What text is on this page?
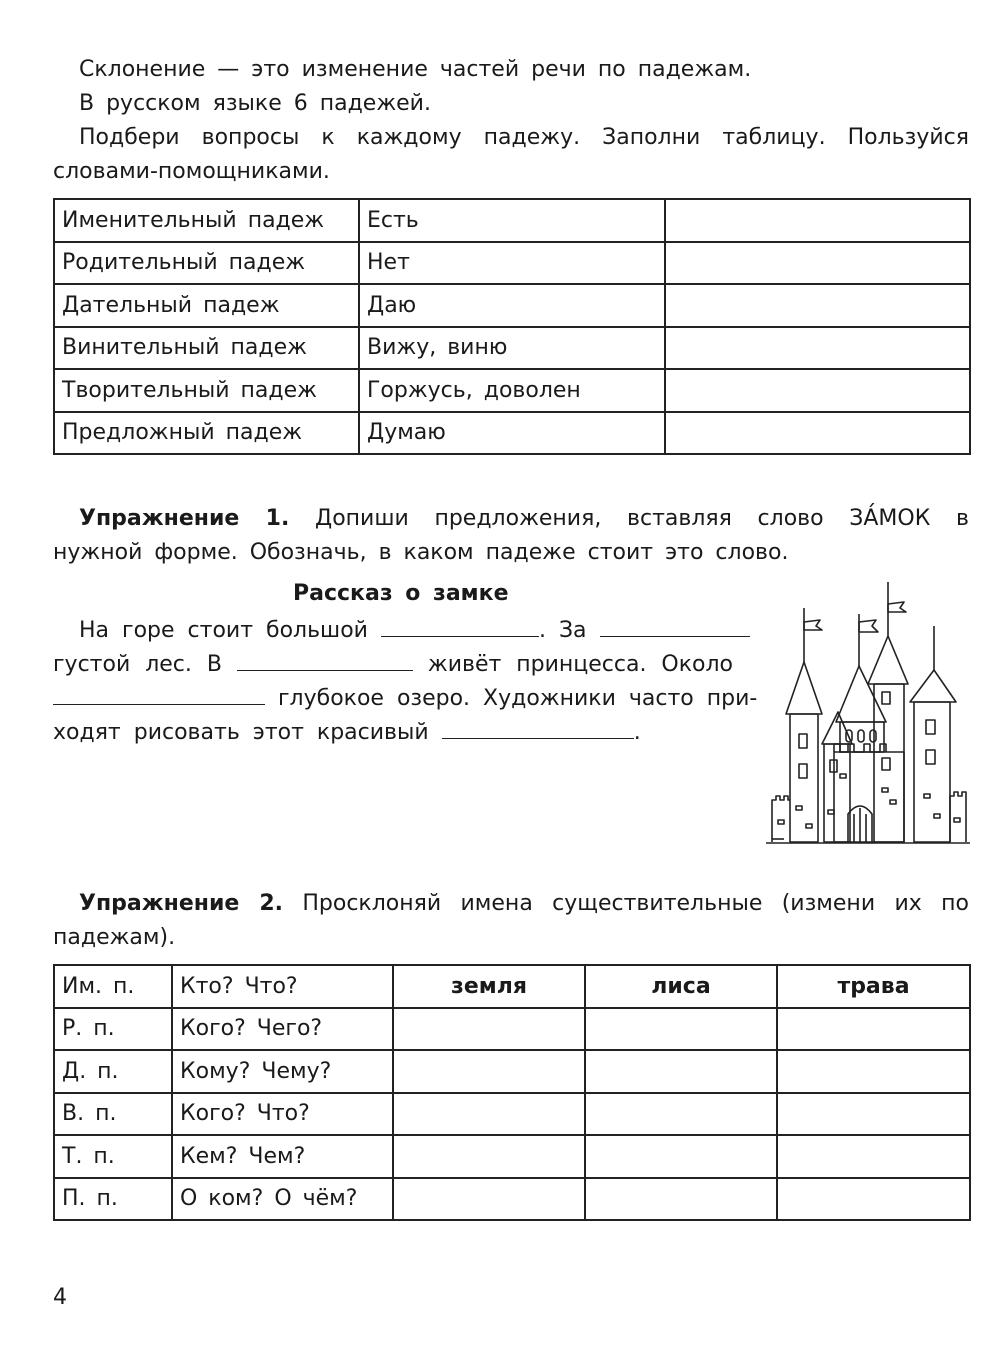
Склонение — это изменение частей речи по падежам.
В русском языке 6 падежей.
Подбери вопросы к каждому падежу. Заполни таблицу. Пользуйся словами-помощниками.
Именительный падеж	Есть	
Родительный падеж	Нет	
Дательный падеж	Даю	
Винительный падеж	Вижу, виню	
Творительный падеж	Горжусь, доволен	
Предложный падеж	Думаю	
Упражнение 1. Допиши предложения, вставляя слово ЗА́МОК в нужной форме. Обозначь, в каком падеже стоит это слово.
Рассказ о замке
На горе стоит большой	. За
густой лес. В	живёт принцесса. Около
глубокое озеро. Художники часто при-
ходят рисовать этот красивый	.
Упражнение 2. Просклоняй имена существительные (измени их по падежам).
Им. п.	Кто? Что?	земля	лиса	трава
Р. п.	Кого? Чего?			
Д. п.	Кому? Чему?			
В. п.	Кого? Что?			
Т. п.	Кем? Чем?			
П. п.	О ком? О чём?			
4
